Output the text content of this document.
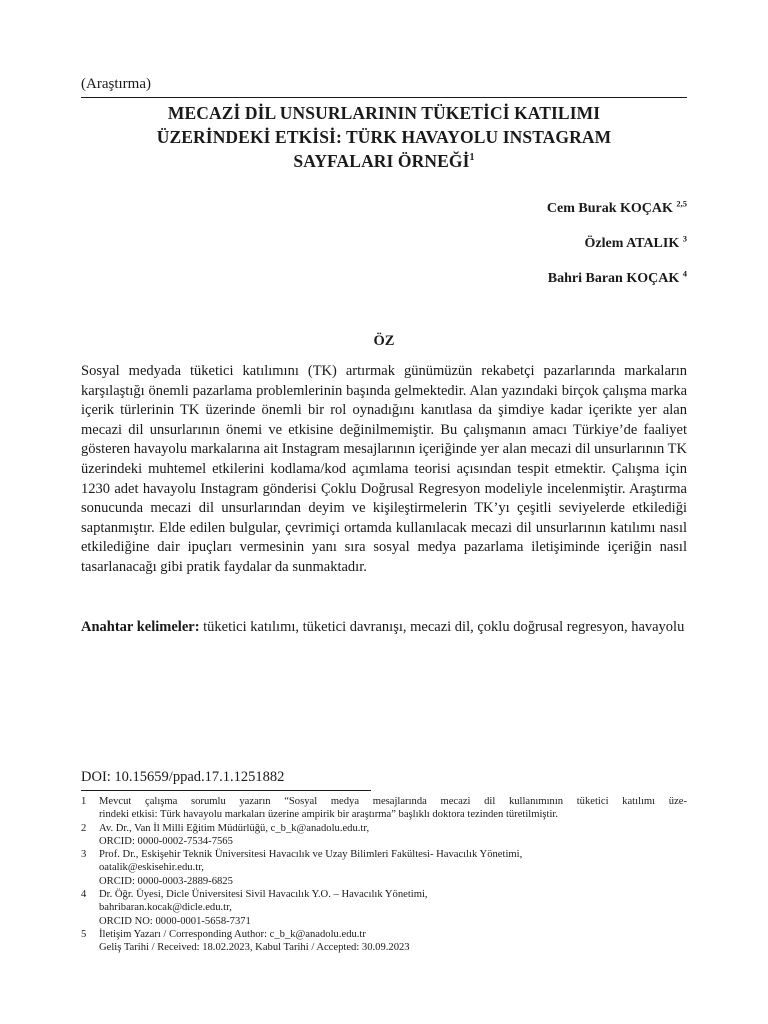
(Araştırma)
MECAZİ DİL UNSURLARININ TÜKETİCİ KATILIMI
ÜZERİNDEKİ ETKİSİ: TÜRK HAVAYOLU INSTAGRAM
SAYFALARI ÖRNEĞİ$^1$
Cem Burak KOÇAK $^{2,5}$
Özlem ATALIK $^3$
Bahri Baran KOÇAK $^4$
ÖZ

Sosyal medyada tüketici katılımını (TK) artırmak günümüzün rekabetçi pazarlarında markaların karşılaştığı önemli pazarlama problemlerinin başında gelmektedir. Alan yazındaki birçok çalışma marka içerik türlerinin TK üzerinde önemli bir rol oynadığını kanıtlasa da şimdiye kadar içerikte yer alan mecazi dil unsurlarının önemi ve etkisine değinilmemiştir. Bu çalışmanın amacı Türkiye’de faaliyet gösteren havayolu markalarına ait Instagram mesajlarının içeriğinde yer alan mecazi dil unsurlarının TK üzerindeki muhtemel etkilerini kodlama/kod açımlama teorisi açısından tespit etmektir. Çalışma için 1230 adet havayolu Instagram gönderisi Çoklu Doğrusal Regresyon modeliyle incelenmiştir. Araştırma sonucunda mecazi dil unsurlarından deyim ve kişileştirmelerin TK’yı çeşitli seviyelerde etkilediği saptanmıştır. Elde edilen bulgular, çevrimiçi ortamda kullanılacak mecazi dil unsurlarının katılımı nasıl etkilediğine dair ipuçları vermesinin yanı sıra sosyal medya pazarlama iletişiminde içeriğin nasıl tasarlanacağı gibi pratik faydalar da sunmaktadır.

Anahtar kelimeler: tüketici katılımı, tüketici davranışı, mecazi dil, çoklu doğrusal regresyon, havayolu

DOI: 10.15659/ppad.17.1.1251882
1 Mevcut çalışma sorumlu yazarın “Sosyal medya mesajlarında mecazi dil kullanımının tüketici katılımı üze-
rindeki etkisi: Türk havayolu markaları üzerine ampirik bir araştırma” başlıklı doktora tezinden türetilmiştir.
2 Av. Dr., Van İl Milli Eğitim Müdürlüğü, c_b_k@anadolu.edu.tr,
ORCID: 0000-0002-7534-7565
3 Prof. Dr., Eskişehir Teknik Üniversitesi Havacılık ve Uzay Bilimleri Fakültesi- Havacılık Yönetimi,
oatalik@eskisehir.edu.tr,
ORCID: 0000-0003-2889-6825
4 Dr. Öğr. Üyesi, Dicle Üniversitesi Sivil Havacılık Y.O. – Havacılık Yönetimi,
bahribaran.kocak@dicle.edu.tr,
ORCID NO: 0000-0001-5658-7371
5 İletişim Yazarı / Corresponding Author: c_b_k@anadolu.edu.tr
Geliş Tarihi / Received: 18.02.2023, Kabul Tarihi / Accepted: 30.09.2023
